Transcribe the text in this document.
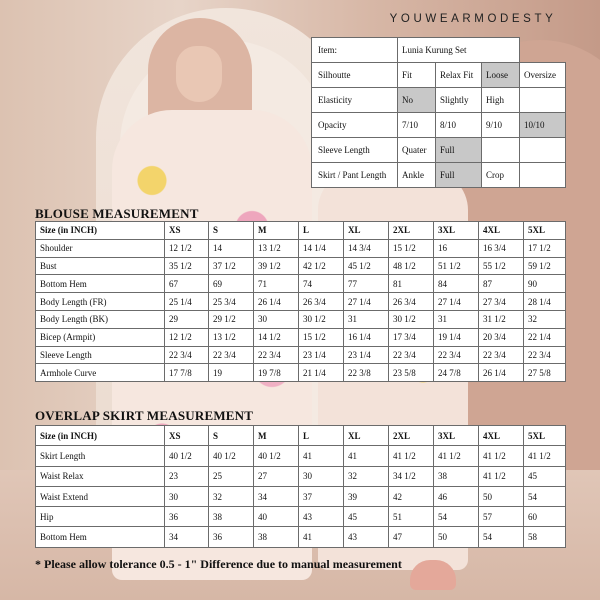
YOUWEARMODESTY
Item:	Lunia Kurung Set			
Silhoutte	Fit	Relax Fit	Loose	Oversize
Elasticity	No	Slightly	High	
Opacity	7/10	8/10	9/10	10/10
Sleeve Length	Quater	Full		
Skirt / Pant Length	Ankle	Full	Crop	
BLOUSE MEASUREMENT
Size (in INCH)	XS	S	M	L	XL	2XL	3XL	4XL	5XL
Shoulder	12 1/2	14	13 1/2	14 1/4	14 3/4	15 1/2	16	16 3/4	17 1/2
Bust	35 1/2	37 1/2	39 1/2	42 1/2	45 1/2	48 1/2	51 1/2	55 1/2	59 1/2
Bottom Hem	67	69	71	74	77	81	84	87	90
Body Length (FR)	25 1/4	25 3/4	26 1/4	26 3/4	27 1/4	26 3/4	27 1/4	27 3/4	28 1/4
Body Length (BK)	29	29 1/2	30	30 1/2	31	30 1/2	31	31 1/2	32
Bicep (Armpit)	12 1/2	13 1/2	14 1/2	15 1/2	16 1/4	17 3/4	19 1/4	20 3/4	22 1/4
Sleeve Length	22 3/4	22 3/4	22 3/4	23 1/4	23 1/4	22 3/4	22 3/4	22 3/4	22 3/4
Armhole Curve	17 7/8	19	19 7/8	21 1/4	22 3/8	23 5/8	24 7/8	26 1/4	27 5/8
OVERLAP SKIRT MEASUREMENT
Size (in INCH)	XS	S	M	L	XL	2XL	3XL	4XL	5XL
Skirt Length	40 1/2	40 1/2	40 1/2	41	41	41 1/2	41 1/2	41 1/2	41 1/2
Waist Relax	23	25	27	30	32	34 1/2	38	41 1/2	45
Waist Extend	30	32	34	37	39	42	46	50	54
Hip	36	38	40	43	45	51	54	57	60
Bottom Hem	34	36	38	41	43	47	50	54	58
* Please allow tolerance 0.5 - 1" Difference due to manual measurement
